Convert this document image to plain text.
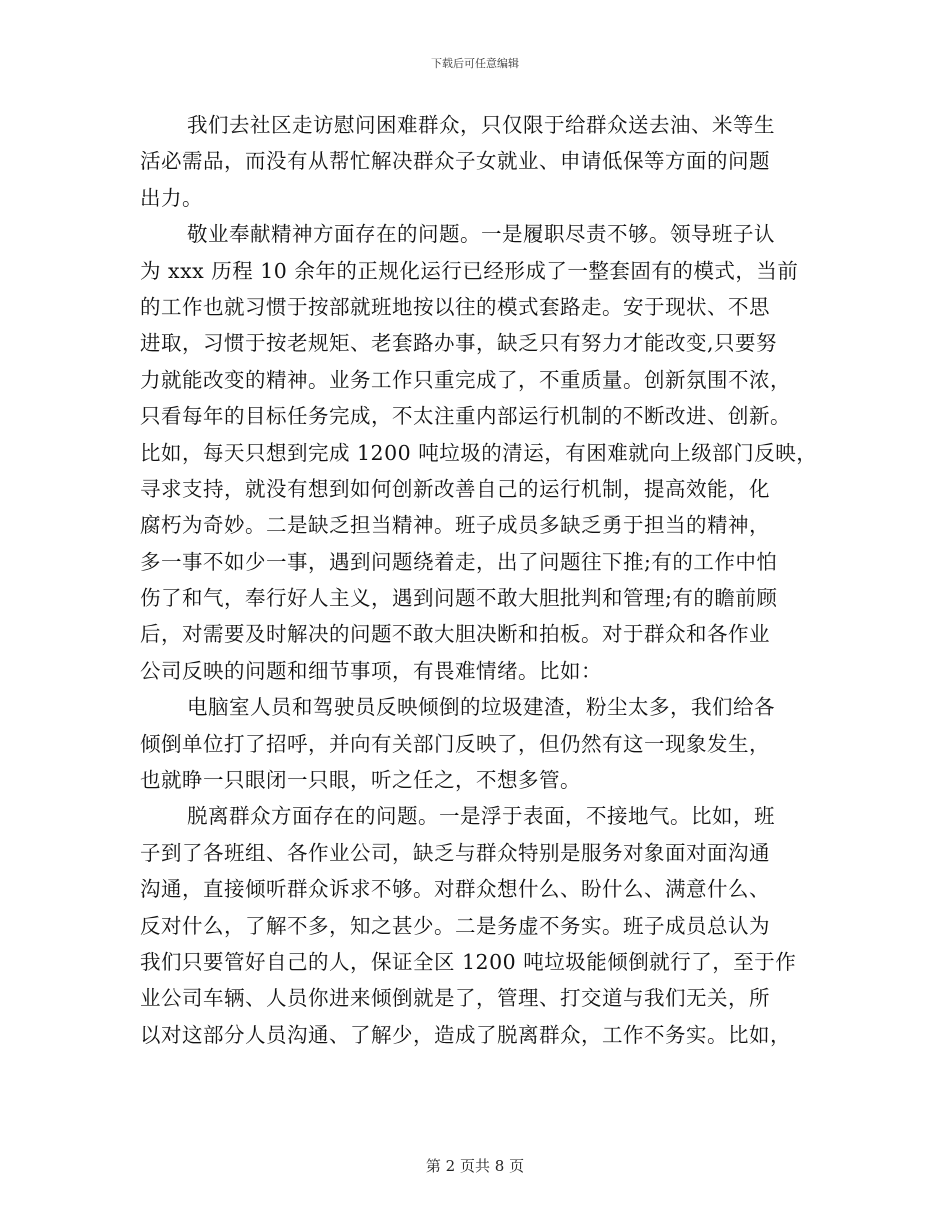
下载后可任意编辑
我们去社区走访慰问困难群众，只仅限于给群众送去油、米等生
活必需品，而没有从帮忙解决群众子女就业、申请低保等方面的问题
出力。
敬业奉献精神方面存在的问题。一是履职尽责不够。领导班子认
为 xxx 历程 10 余年的正规化运行已经形成了一整套固有的模式，当前
的工作也就习惯于按部就班地按以往的模式套路走。安于现状、不思
进取，习惯于按老规矩、老套路办事，缺乏只有努力才能改变,只要努
力就能改变的精神。业务工作只重完成了，不重质量。创新氛围不浓，
只看每年的目标任务完成，不太注重内部运行机制的不断改进、创新。
比如，每天只想到完成 1200 吨垃圾的清运，有困难就向上级部门反映，
寻求支持，就没有想到如何创新改善自己的运行机制，提高效能，化
腐朽为奇妙。二是缺乏担当精神。班子成员多缺乏勇于担当的精神，
多一事不如少一事，遇到问题绕着走，出了问题往下推;有的工作中怕
伤了和气，奉行好人主义，遇到问题不敢大胆批判和管理;有的瞻前顾
后，对需要及时解决的问题不敢大胆决断和拍板。对于群众和各作业
公司反映的问题和细节事项，有畏难情绪。比如：
电脑室人员和驾驶员反映倾倒的垃圾建渣，粉尘太多，我们给各
倾倒单位打了招呼，并向有关部门反映了，但仍然有这一现象发生，
也就睁一只眼闭一只眼，听之任之，不想多管。
脱离群众方面存在的问题。一是浮于表面，不接地气。比如，班
子到了各班组、各作业公司，缺乏与群众特别是服务对象面对面沟通
沟通，直接倾听群众诉求不够。对群众想什么、盼什么、满意什么、
反对什么，了解不多，知之甚少。二是务虚不务实。班子成员总认为
我们只要管好自己的人，保证全区 1200 吨垃圾能倾倒就行了，至于作
业公司车辆、人员你进来倾倒就是了，管理、打交道与我们无关，所
以对这部分人员沟通、了解少，造成了脱离群众，工作不务实。比如，
第 2 页共 8 页
